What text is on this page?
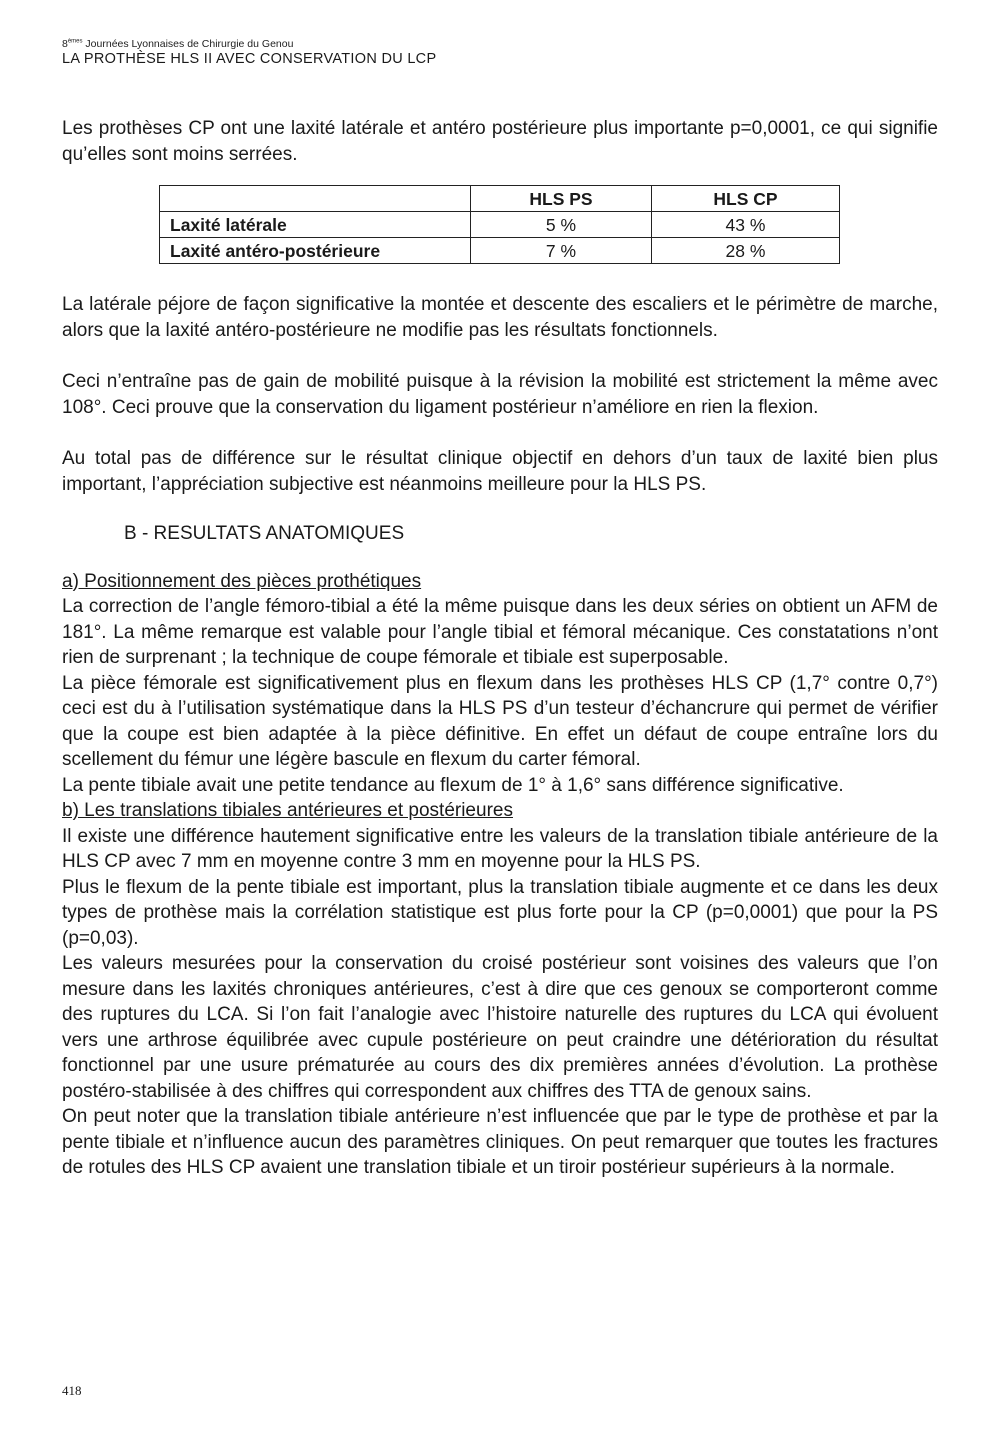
8èmes Journées Lyonnaises de Chirurgie du Genou
LA PROTHÈSE HLS II AVEC CONSERVATION DU LCP

Les prothèses CP ont une laxité latérale et antéro postérieure plus importante p=0,0001, ce qui signifie qu’elles sont moins serrées.

	HLS PS	HLS CP
Laxité latérale	5 %	43 %
Laxité antéro-postérieure	7 %	28 %

La latérale péjore de façon significative la montée et descente des escaliers et le périmètre de marche, alors que la laxité antéro-postérieure ne modifie pas les résultats fonctionnels.

Ceci n’entraîne pas de gain de mobilité puisque à la révision la mobilité est strictement la même avec 108°. Ceci prouve que la conservation du ligament postérieur n’améliore en rien la flexion.

Au total pas de différence sur le résultat clinique objectif en dehors d’un taux de laxité bien plus important, l’appréciation subjective est néanmoins meilleure pour la HLS PS.

B - RESULTATS ANATOMIQUES

a) Positionnement des pièces prothétiques

La correction de l’angle fémoro-tibial a été la même puisque dans les deux séries on obtient un AFM de 181°. La même remarque est valable pour l’angle tibial et fémoral mécanique. Ces constatations n’ont rien de surprenant ; la technique de coupe fémorale et tibiale est superposable.

La pièce fémorale est significativement plus en flexum dans les prothèses HLS CP (1,7° contre 0,7°) ceci est du à l’utilisation systématique dans la HLS PS d’un testeur d’échancrure qui permet de vérifier que la coupe est bien adaptée à la pièce définitive. En effet un défaut de coupe entraîne lors du scellement du fémur une légère bascule en flexum du carter fémoral.

La pente tibiale avait une petite tendance au flexum de 1° à 1,6° sans différence significative.

b) Les translations tibiales antérieures et postérieures

Il existe une différence hautement significative entre les valeurs de la translation tibiale antérieure de la HLS CP avec 7 mm en moyenne contre 3 mm en moyenne pour la HLS PS.

Plus le flexum de la pente tibiale est important, plus la translation tibiale augmente et ce dans les deux types de prothèse mais la corrélation statistique est plus forte pour la CP (p=0,0001) que pour la PS (p=0,03).

Les valeurs mesurées pour la conservation du croisé postérieur sont voisines des valeurs que l’on mesure dans les laxités chroniques antérieures, c’est à dire que ces genoux se comporteront comme des ruptures du LCA. Si l’on fait l’analogie avec l’histoire naturelle des ruptures du LCA qui évoluent vers une arthrose équilibrée avec cupule postérieure on peut craindre une détérioration du résultat fonctionnel par une usure prématurée au cours des dix premières années d’évolution. La prothèse postéro-stabilisée à des chiffres qui correspondent aux chiffres des TTA de genoux sains.

On peut noter que la translation tibiale antérieure n’est influencée que par le type de prothèse et par la pente tibiale et n’influence aucun des paramètres cliniques. On peut remarquer que toutes les fractures de rotules des HLS CP avaient une translation tibiale et un tiroir postérieur supérieurs à la normale.

418
